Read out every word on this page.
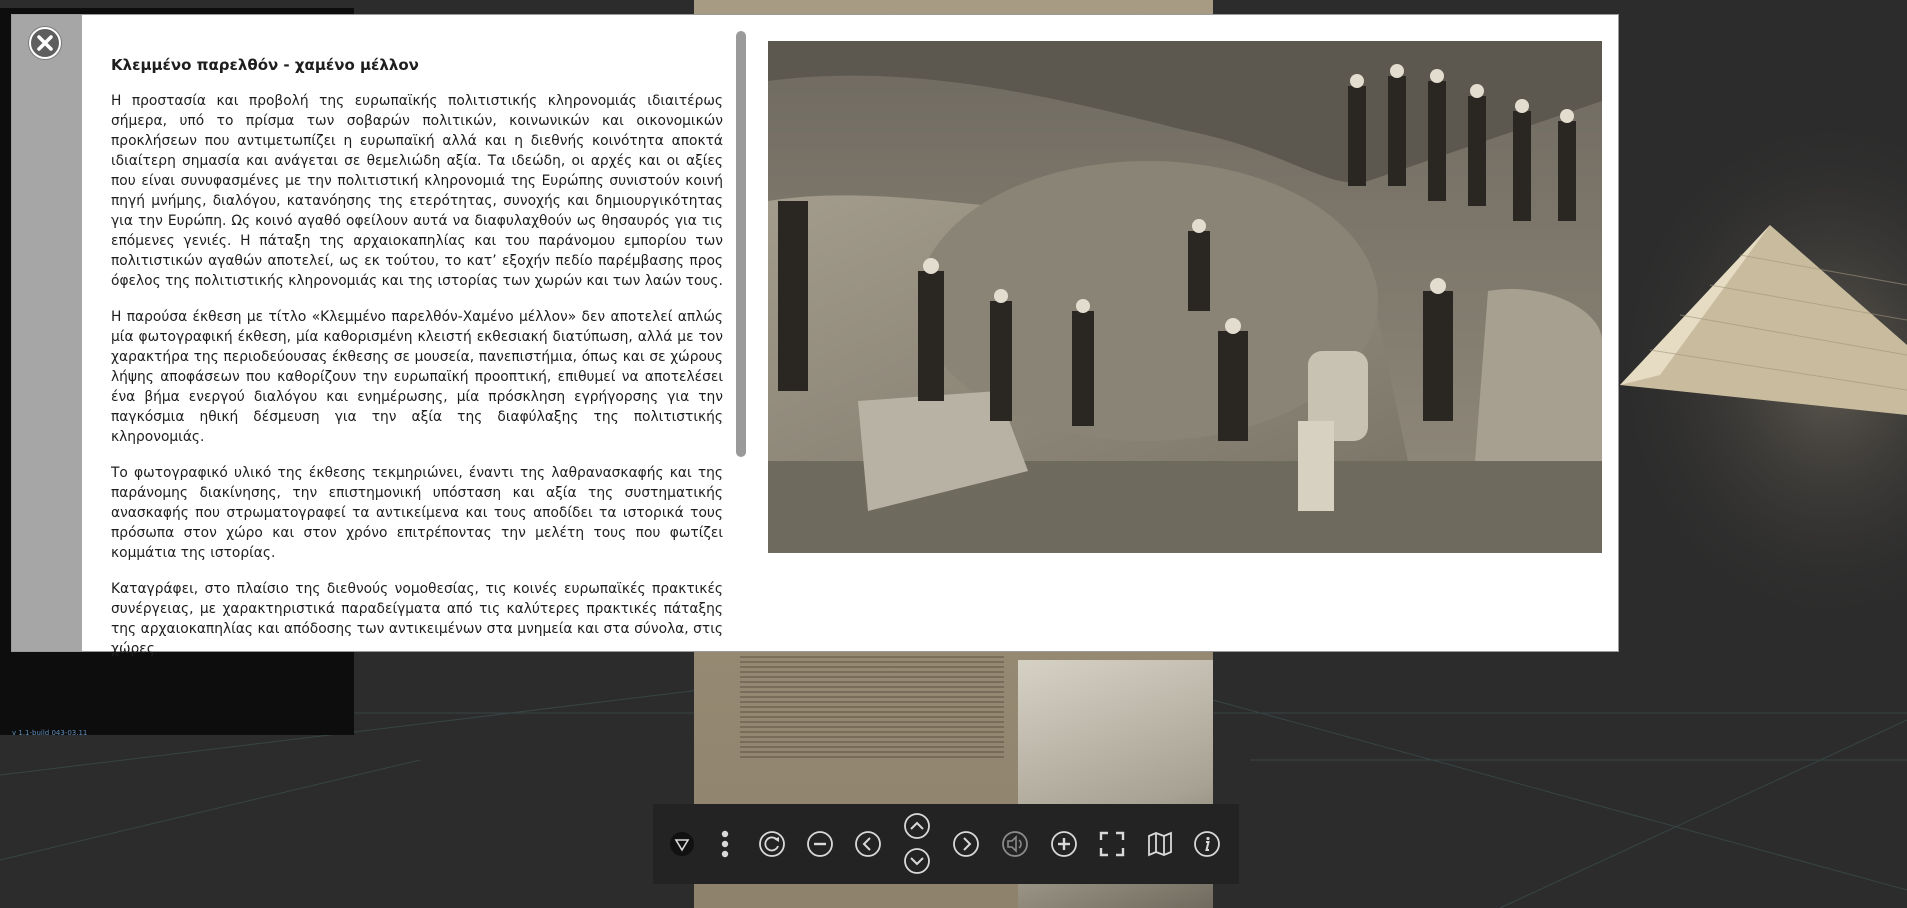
v 1.1-build 043-03.11
Κλεμμένο παρελθόν - χαμένο μέλλον

Η προστασία και προβολή της ευρωπαϊκής πολιτιστικής κληρονομιάς ιδιαιτέρως σήμερα, υπό το πρίσμα των σοβαρών πολιτικών, κοινωνικών και οικονομικών προκλήσεων που αντιμετωπίζει η ευρωπαϊκή αλλά και η διεθνής κοινότητα αποκτά ιδιαίτερη σημασία και ανάγεται σε θεμελιώδη αξία. Τα ιδεώδη, οι αρχές και οι αξίες που είναι συνυφασμένες με την πολιτιστική κληρονομιά της Ευρώπης συνιστούν κοινή πηγή μνήμης, διαλόγου, κατανόησης της ετερότητας, συνοχής και δημιουργικότητας για την Ευρώπη. Ως κοινό αγαθό οφείλουν αυτά να διαφυλαχθούν ως θησαυρός για τις επόμενες γενιές. Η πάταξη της αρχαιοκαπηλίας και του παράνομου εμπορίου των πολιτιστικών αγαθών αποτελεί, ως εκ τούτου, το κατ’ εξοχήν πεδίο παρέμβασης προς όφελος της πολιτιστικής κληρονομιάς και της ιστορίας των χωρών και των λαών τους.

Η παρούσα έκθεση με τίτλο «Κλεμμένο παρελθόν-Χαμένο μέλλον» δεν αποτελεί απλώς μία φωτογραφική έκθεση, μία καθορισμένη κλειστή εκθεσιακή διατύπωση, αλλά με τον χαρακτήρα της περιοδεύουσας έκθεσης σε μουσεία, πανεπιστήμια, όπως και σε χώρους λήψης αποφάσεων που καθορίζουν την ευρωπαϊκή προοπτική, επιθυμεί να αποτελέσει ένα βήμα ενεργού διαλόγου και ενημέρωσης, μία πρόσκληση εγρήγορσης για την παγκόσμια ηθική δέσμευση για την αξία της διαφύλαξης της πολιτιστικής κληρονομιάς.

Το φωτογραφικό υλικό της έκθεσης τεκμηριώνει, έναντι της λαθρανασκαφής και της παράνομης διακίνησης, την επιστημονική υπόσταση και αξία της συστηματικής ανασκαφής που στρωματογραφεί τα αντικείμενα και τους αποδίδει τα ιστορικά τους πρόσωπα στον χώρο και στον χρόνο επιτρέποντας την μελέτη τους που φωτίζει κομμάτια της ιστορίας.

Καταγράφει, στο πλαίσιο της διεθνούς νομοθεσίας, τις κοινές ευρωπαϊκές πρακτικές συνέργειας, με χαρακτηριστικά παραδείγματα από τις καλύτερες πρακτικές πάταξης της αρχαιοκαπηλίας και απόδοσης των αντικειμένων στα μνημεία και στα σύνολα, στις χώρες
